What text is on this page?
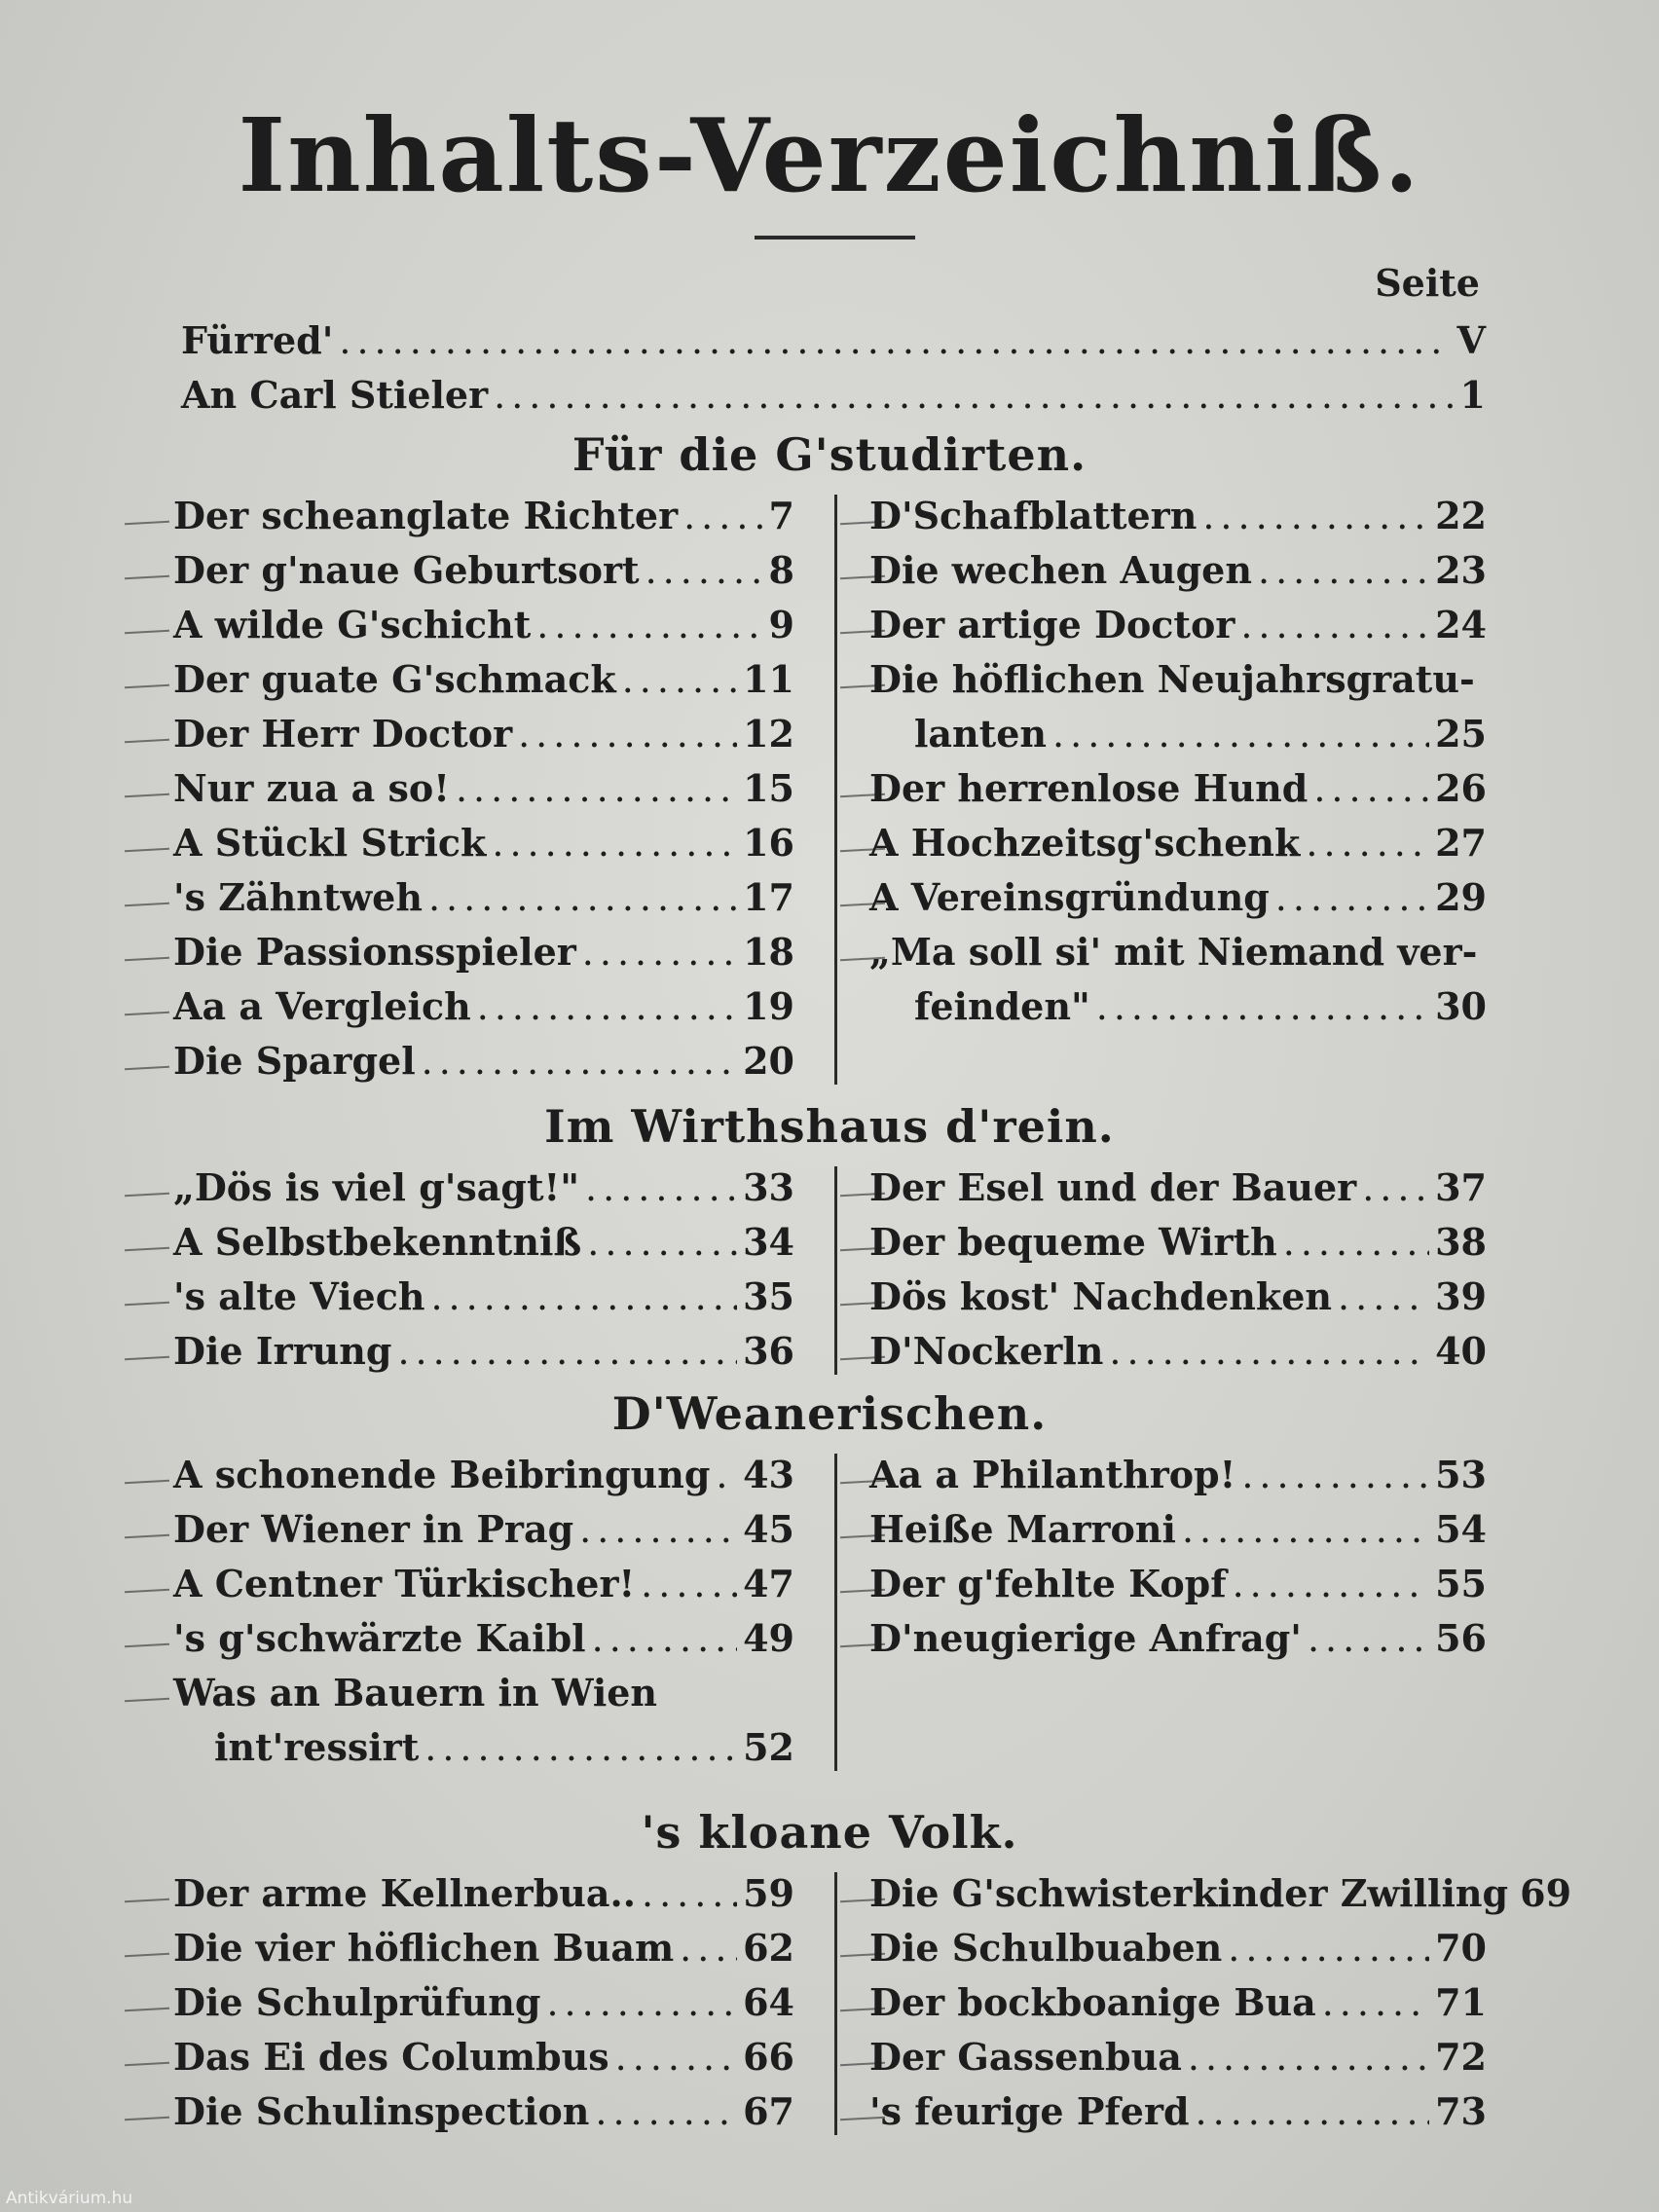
Inhalts-Verzeichniß.
Seite
Fürred' .....	V
An Carl Stieler .....	1
Für die G'studirten.
Der scheanglate Richter ..... 7
Der g'naue Geburtsort .....	8
A wilde G'schicht .....	9
Der guate G'schmack .....	11
Der Herr Doctor .....	12
Nur zua a so! .....	15
A Stückl Strick .....	16
's Zähntweh .....	17
Die Passionsspieler .....	18
Aa a Vergleich .....	19
Die Spargel .....	20
D'Schafblattern .....	22
Die wechen Augen .....	23
Der artige Doctor .....	24
Die höflichen Neujahrsgratu-
lanten .....	25
Der herrenlose Hund .....	26
A Hochzeitsg'schenk .....	27
A Vereinsgründung .....	29
„Ma soll si' mit Niemand ver-
feinden" .....	30
Im Wirthshaus d'rein.
„Dös is viel g'sagt!" .....	33
A Selbstbekenntniß .....	34
's alte Viech .....	35
Die Irrung .....	36
Der Esel und der Bauer ..... 37
Der bequeme Wirth .....	38
Dös kost' Nachdenken .....	39
D'Nockerln .....	40
D'Weanerischen.
A schonende Beibringung ..... 43
Der Wiener in Prag .....	45
A Centner Türkischer! .....	47
's g'schwärzte Kaibl .....	49
Was an Bauern in Wien
int'ressirt .....	52
Aa a Philanthrop! .....	53
Heiße Marroni .....	54
Der g'fehlte Kopf .....	55
D'neugierige Anfrag' .....	56
's kloane Volk.
Der arme Kellnerbua.. .....	59
Die vier höflichen Buam ..... 62
Die Schulprüfung .....	64
Das Ei des Columbus .....	66
Die Schulinspection .....	67
Die G'schwisterkinder Zwilling 69
Die Schulbuaben .....	70
Der bockboanige Bua .....	71
Der Gassenbua .....	72
's feurige Pferd .....	73
Antikvárium.hu
